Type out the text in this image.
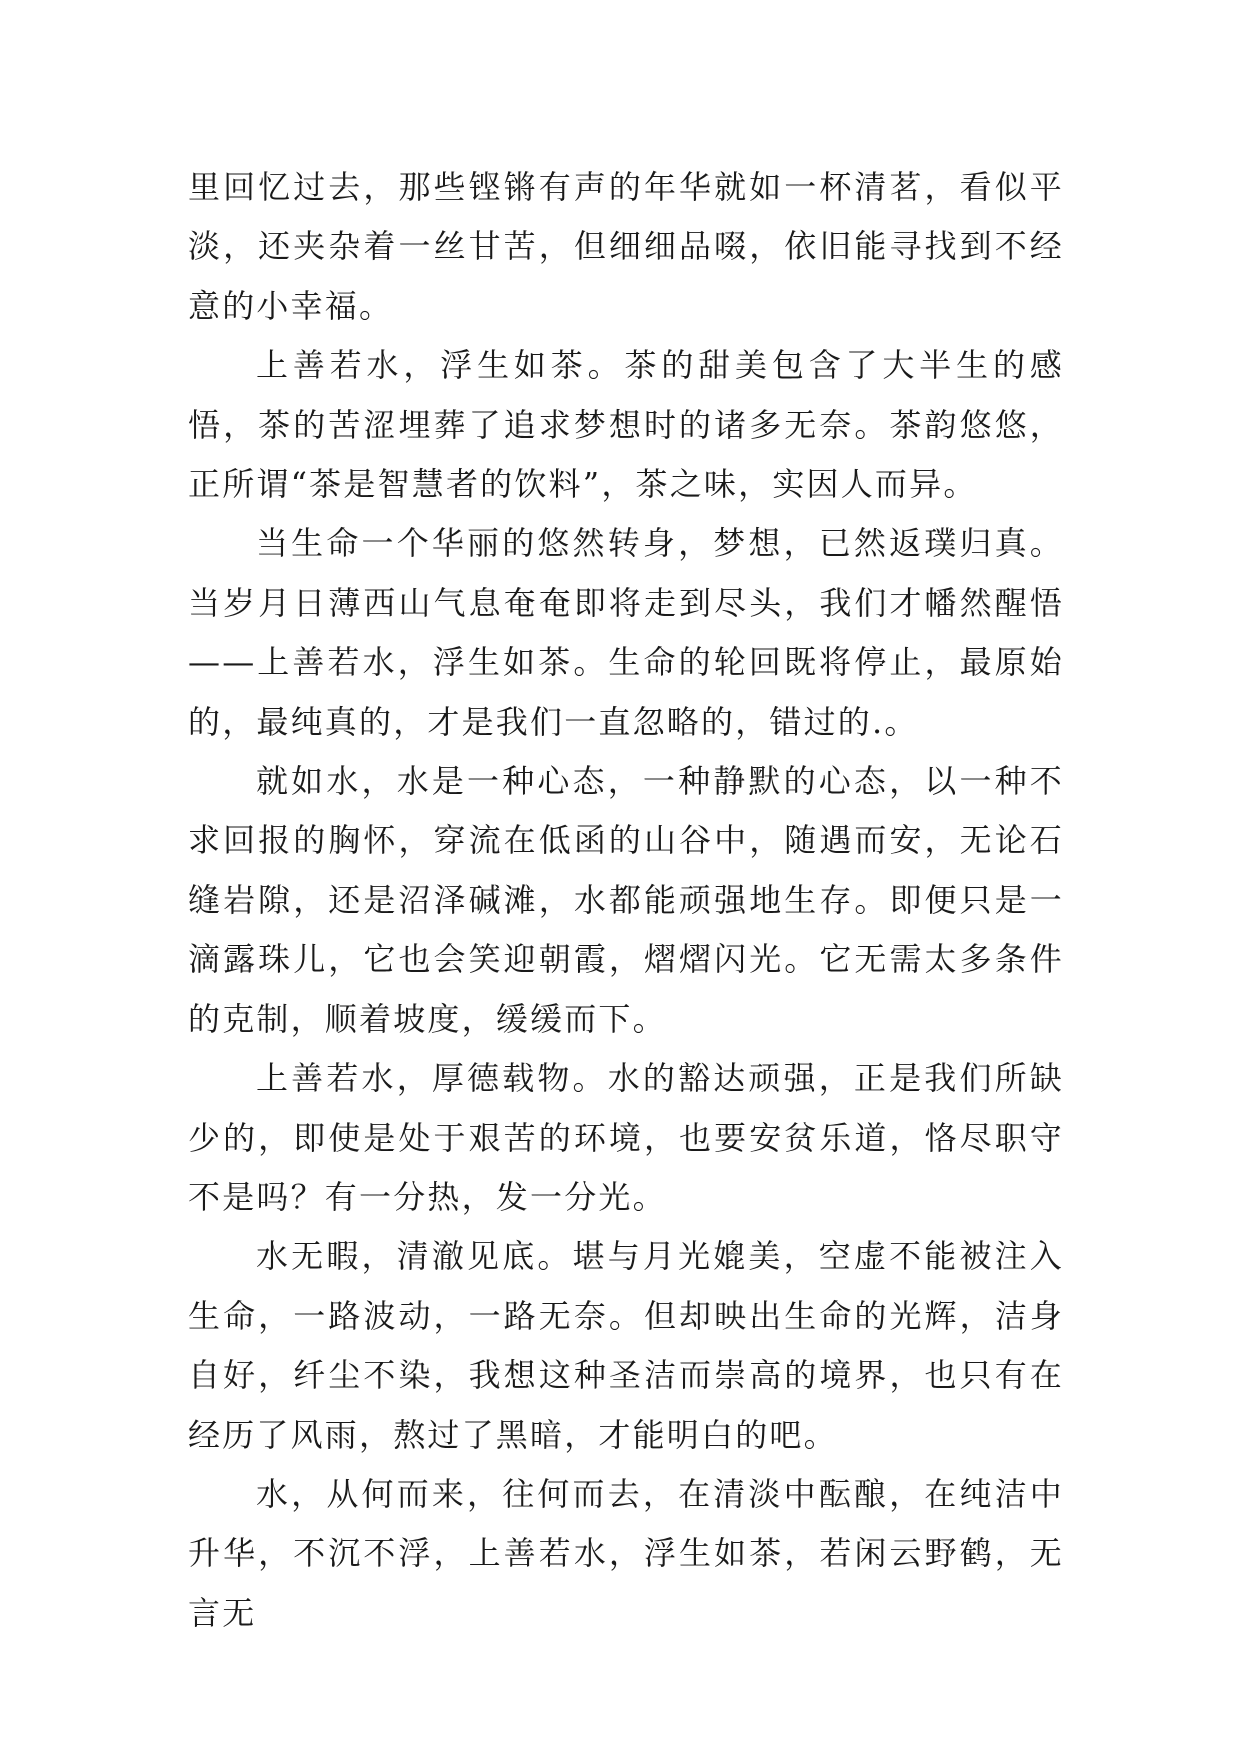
里回忆过去，那些铿锵有声的年华就如一杯清茗，看似平淡，还夹杂着一丝甘苦，但细细品啜，依旧能寻找到不经意的小幸福。

上善若水，浮生如茶。茶的甜美包含了大半生的感悟，茶的苦涩埋葬了追求梦想时的诸多无奈。茶韵悠悠，正所谓“茶是智慧者的饮料”，茶之味，实因人而异。

当生命一个华丽的悠然转身，梦想，已然返璞归真。当岁月日薄西山气息奄奄即将走到尽头，我们才幡然醒悟——上善若水，浮生如茶。生命的轮回既将停止，最原始的，最纯真的，才是我们一直忽略的，错过的.。

就如水，水是一种心态，一种静默的心态，以一种不求回报的胸怀，穿流在低函的山谷中，随遇而安，无论石缝岩隙，还是沼泽碱滩，水都能顽强地生存。即便只是一滴露珠儿，它也会笑迎朝霞，熠熠闪光。它无需太多条件的克制，顺着坡度，缓缓而下。

上善若水，厚德载物。水的豁达顽强，正是我们所缺少的，即使是处于艰苦的环境，也要安贫乐道，恪尽职守不是吗？有一分热，发一分光。

水无暇，清澈见底。堪与月光媲美，空虚不能被注入生命，一路波动，一路无奈。但却映出生命的光辉，洁身自好，纤尘不染，我想这种圣洁而崇高的境界，也只有在经历了风雨，熬过了黑暗，才能明白的吧。

水，从何而来，往何而去，在清淡中酝酿，在纯洁中升华，不沉不浮，上善若水，浮生如茶，若闲云野鹤，无言无
